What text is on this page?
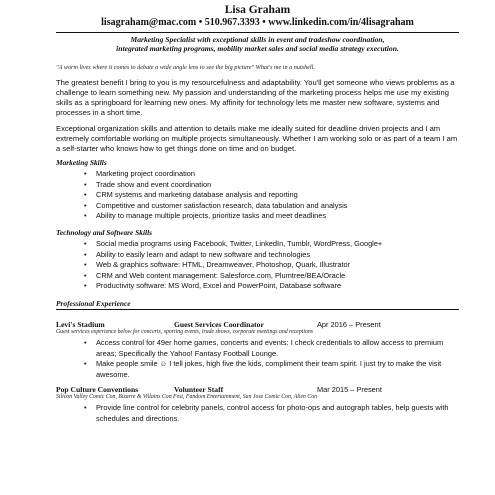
Lisa Graham
lisagraham@mac.com • 510.967.3393 • www.linkedin.com/in/4lisagraham
Marketing Specialist with exceptional skills in event and tradeshow coordination,
integrated marketing programs, mobility market sales and social media strategy execution.
"A worm lives where it comes to debate a wide angle lens to see the big picture" What's me in a nutshell.
The greatest benefit I bring to you is my resourcefulness and adaptability. You'll get someone who views problems as a challenge to learn something new. My passion and understanding of the marketing process helps me use my existing skills as a springboard for learning new ones. My affinity for technology lets me master new software, systems and processes in a short time.
Exceptional organization skills and attention to details make me ideally suited for deadline driven projects and I am extremely comfortable working on multiple projects simultaneously. Whether I am working solo or as part of a team I am a self-starter who knows how to get things done on time and on budget.
Marketing Skills
• Marketing project coordination
• Trade show and event coordination
• CRM systems and marketing database analysis and reporting
• Competitive and customer satisfaction research, data tabulation and analysis
• Ability to manage multiple projects, prioritize tasks and meet deadlines
Technology and Software Skills
• Social media programs using Facebook, Twitter, LinkedIn, Tumblr, WordPress, Google+
• Ability to easily learn and adapt to new software and technologies
• Web & graphics software: HTML, Dreamweaver, Photoshop, Quark, Illustrator
• CRM and Web content management: Salesforce.com, Plumtree/BEA/Oracle
• Productivity software: MS Word, Excel and PowerPoint, Database software
Professional Experience
Levi's Stadium	Guest Services Coordinator	Apr 2016 – Present
Guest services experience below for concerts, sporting events, trade shows, corporate meetings and receptions
• Access control for 49er home games, concerts and events: I check credentials to allow access to premium areas; Specifically the Yahoo! Fantasy Football Lounge.
• Make people smile ☺ I tell jokes, high five the kids, compliment their team spirit. I just try to make the visit awesome.
Pop Culture Conventions	Volunteer Staff	Mar 2015 – Present
Silicon Valley Comic Con, Bizarre & Villains Con Fest, Fandom Entertainment, San Jose Comic Con, Alien Con
• Provide line control for celebrity panels, control access for photo-ops and autograph tables, help guests with schedules and directions.
